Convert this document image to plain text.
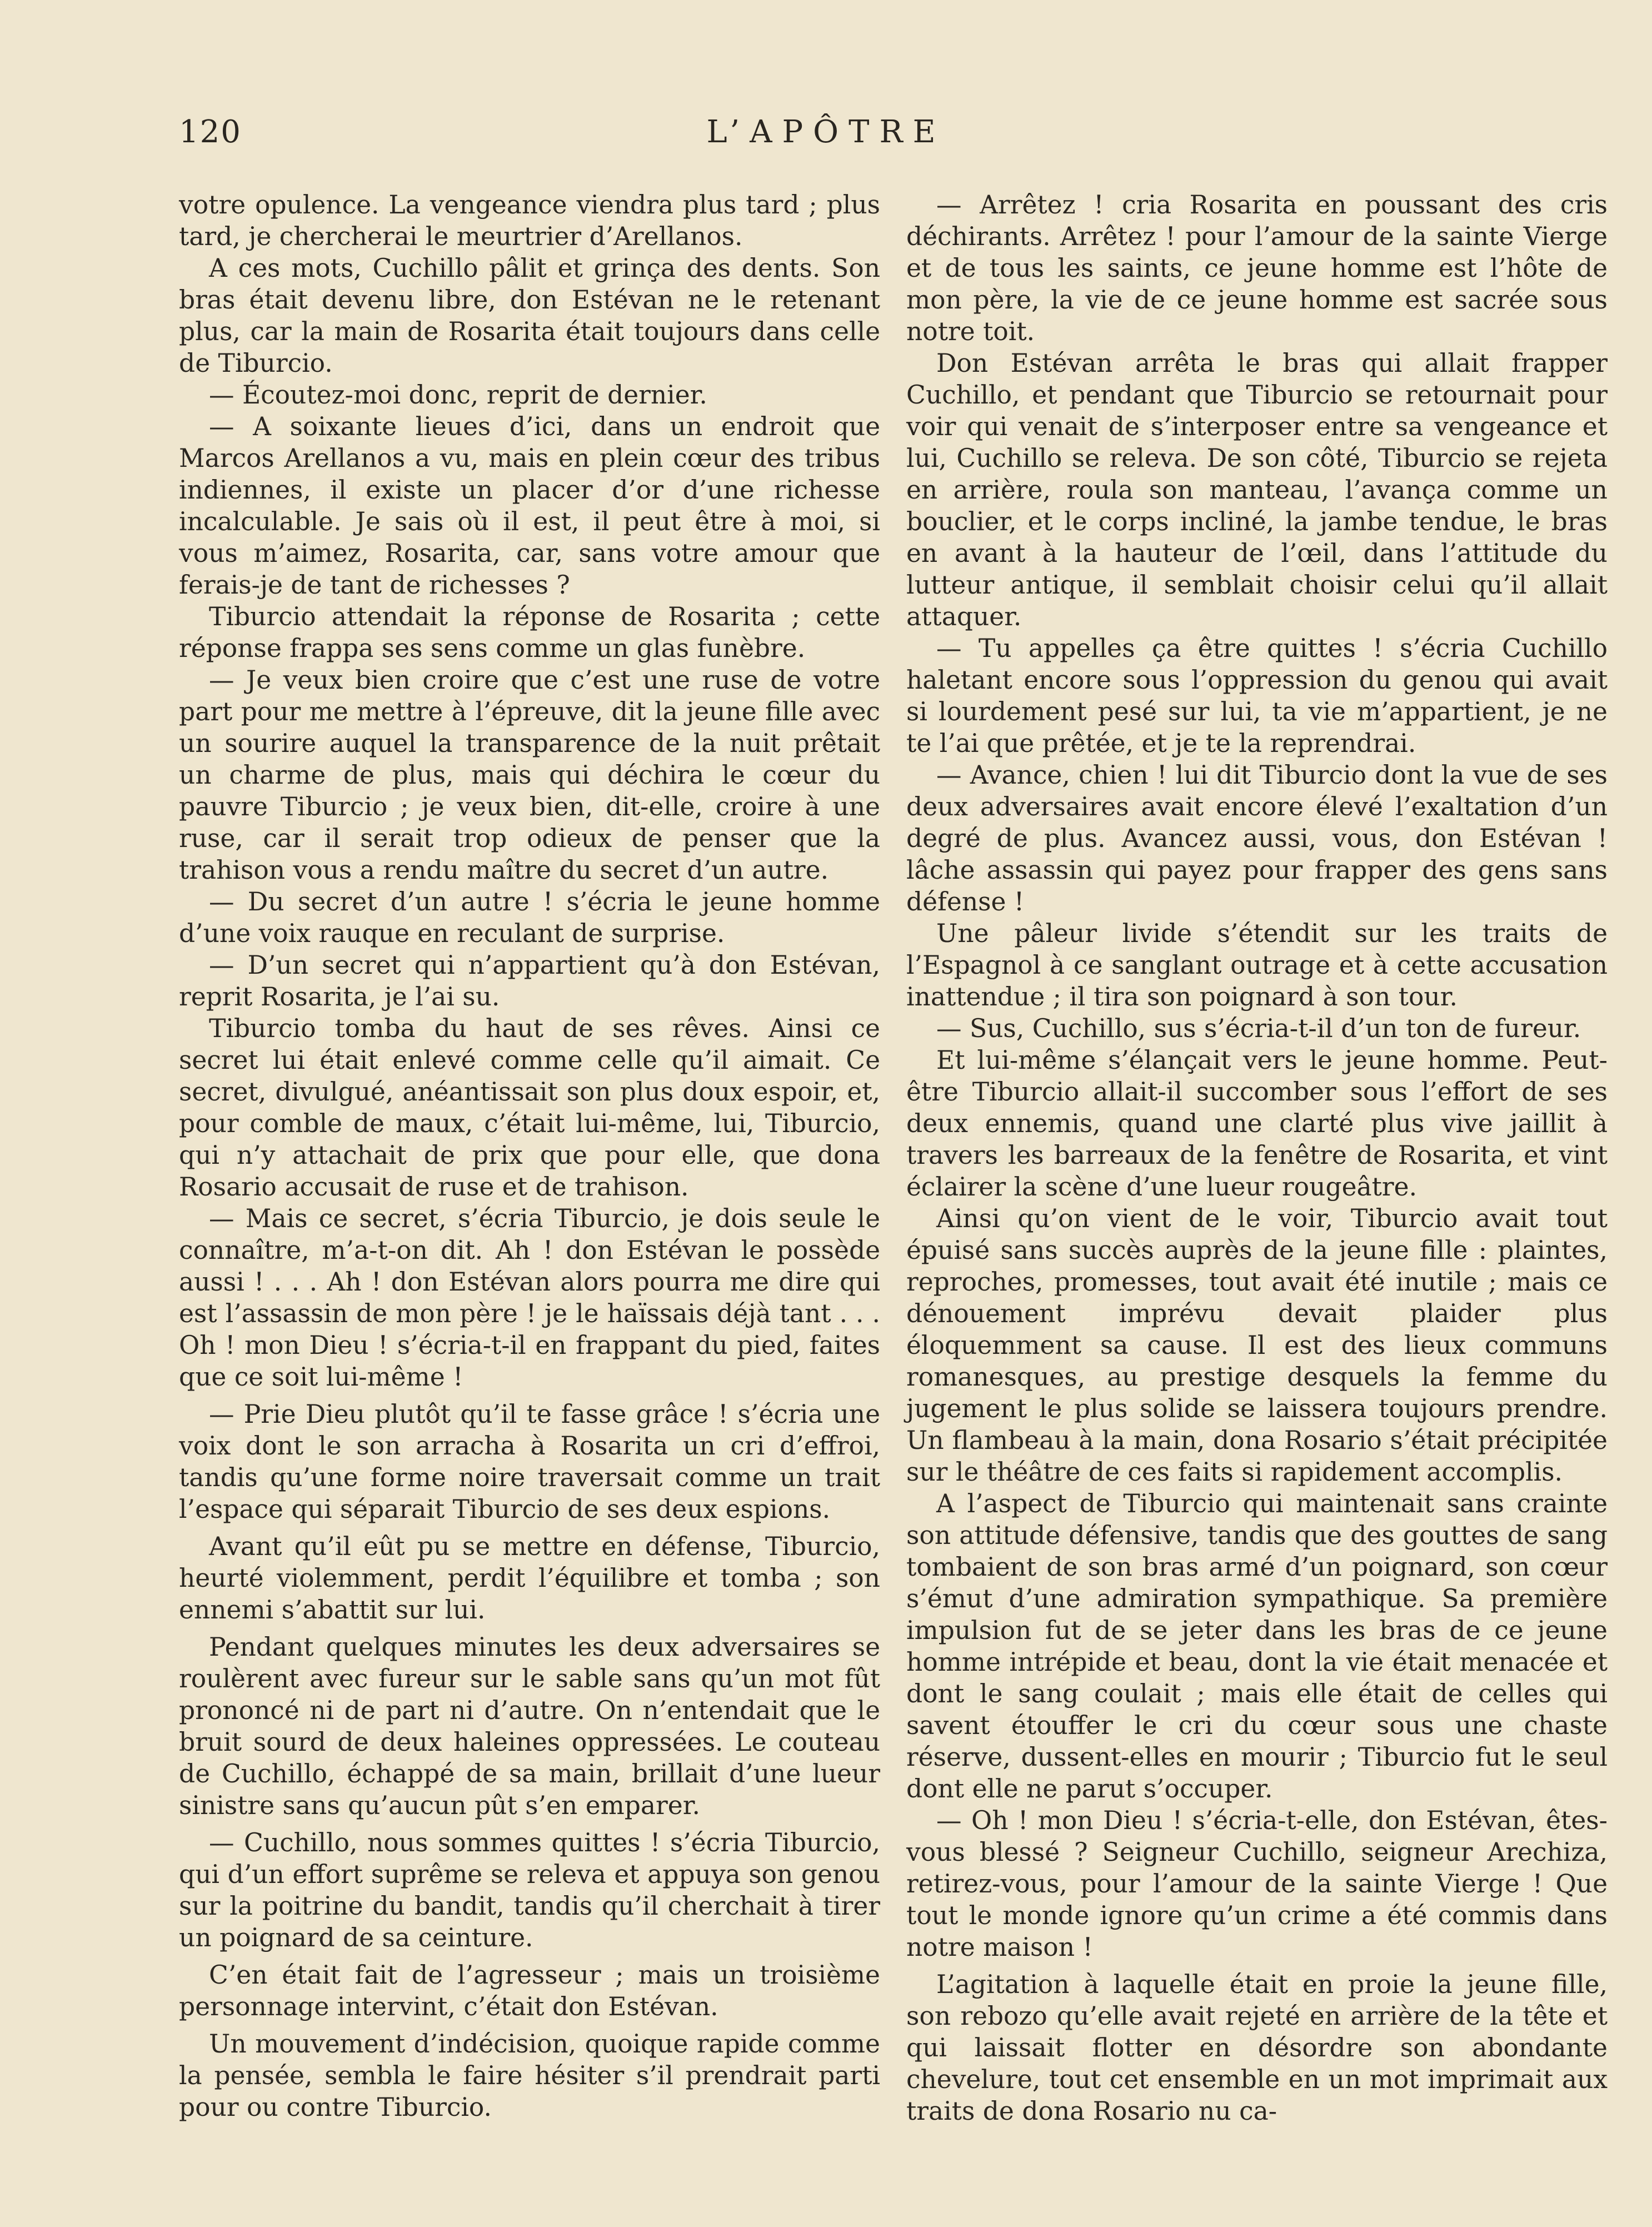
120	L’APÔTRE

votre opulence. La vengeance viendra plus tard ; plus tard, je chercherai le meurtrier d’Arellanos.

A ces mots, Cuchillo pâlit et grinça des dents. Son bras était devenu libre, don Estévan ne le retenant plus, car la main de Rosarita était toujours dans celle de Tiburcio.

— Écoutez-moi donc, reprit de dernier.

— A soixante lieues d’ici, dans un endroit que Marcos Arellanos a vu, mais en plein cœur des tribus indiennes, il existe un placer d’or d’une richesse incalculable. Je sais où il est, il peut être à moi, si vous m’aimez, Rosarita, car, sans votre amour que ferais-je de tant de richesses ?

Tiburcio attendait la réponse de Rosarita ; cette réponse frappa ses sens comme un glas funèbre.

— Je veux bien croire que c’est une ruse de votre part pour me mettre à l’épreuve, dit la jeune fille avec un sourire auquel la transparence de la nuit prêtait un charme de plus, mais qui déchira le cœur du pauvre Tiburcio ; je veux bien, dit-elle, croire à une ruse, car il serait trop odieux de penser que la trahison vous a rendu maître du secret d’un autre.

— Du secret d’un autre ! s’écria le jeune homme d’une voix rauque en reculant de surprise.

— D’un secret qui n’appartient qu’à don Estévan, reprit Rosarita, je l’ai su.

Tiburcio tomba du haut de ses rêves. Ainsi ce secret lui était enlevé comme celle qu’il aimait. Ce secret, divulgué, anéantissait son plus doux espoir, et, pour comble de maux, c’était lui-même, lui, Tiburcio, qui n’y attachait de prix que pour elle, que dona Rosario accusait de ruse et de trahison.

— Mais ce secret, s’écria Tiburcio, je dois seule le connaître, m’a-t-on dit. Ah ! don Estévan le possède aussi ! . . . Ah ! don Estévan alors pourra me dire qui est l’assassin de mon père ! je le haïssais déjà tant . . . Oh ! mon Dieu ! s’écria-t-il en frappant du pied, faites que ce soit lui-même !

— Prie Dieu plutôt qu’il te fasse grâce ! s’écria une voix dont le son arracha à Rosarita un cri d’effroi, tandis qu’une forme noire traversait comme un trait l’espace qui séparait Tiburcio de ses deux espions.

Avant qu’il eût pu se mettre en défense, Tiburcio, heurté violemment, perdit l’équilibre et tomba ; son ennemi s’abattit sur lui.

Pendant quelques minutes les deux adversaires se roulèrent avec fureur sur le sable sans qu’un mot fût prononcé ni de part ni d’autre. On n’entendait que le bruit sourd de deux haleines oppressées. Le couteau de Cuchillo, échappé de sa main, brillait d’une lueur sinistre sans qu’aucun pût s’en emparer.

— Cuchillo, nous sommes quittes ! s’écria Tiburcio, qui d’un effort suprême se releva et appuya son genou sur la poitrine du bandit, tandis qu’il cherchait à tirer un poignard de sa ceinture.

C’en était fait de l’agresseur ; mais un troisième personnage intervint, c’était don Estévan.

Un mouvement d’indécision, quoique rapide comme la pensée, sembla le faire hésiter s’il prendrait parti pour ou contre Tiburcio.

— Arrêtez ! cria Rosarita en poussant des cris déchirants. Arrêtez ! pour l’amour de la sainte Vierge et de tous les saints, ce jeune homme est l’hôte de mon père, la vie de ce jeune homme est sacrée sous notre toit.

Don Estévan arrêta le bras qui allait frapper Cuchillo, et pendant que Tiburcio se retournait pour voir qui venait de s’interposer entre sa vengeance et lui, Cuchillo se releva. De son côté, Tiburcio se rejeta en arrière, roula son manteau, l’avança comme un bouclier, et le corps incliné, la jambe tendue, le bras en avant à la hauteur de l’œil, dans l’attitude du lutteur antique, il semblait choisir celui qu’il allait attaquer.

— Tu appelles ça être quittes ! s’écria Cuchillo haletant encore sous l’oppression du genou qui avait si lourdement pesé sur lui, ta vie m’appartient, je ne te l’ai que prêtée, et je te la reprendrai.

— Avance, chien ! lui dit Tiburcio dont la vue de ses deux adversaires avait encore élevé l’exaltation d’un degré de plus. Avancez aussi, vous, don Estévan ! lâche assassin qui payez pour frapper des gens sans défense !

Une pâleur livide s’étendit sur les traits de l’Espagnol à ce sanglant outrage et à cette accusation inattendue ; il tira son poignard à son tour.

— Sus, Cuchillo, sus s’écria-t-il d’un ton de fureur.

Et lui-même s’élançait vers le jeune homme. Peut-être Tiburcio allait-il succomber sous l’effort de ses deux ennemis, quand une clarté plus vive jaillit à travers les barreaux de la fenêtre de Rosarita, et vint éclairer la scène d’une lueur rougeâtre.

Ainsi qu’on vient de le voir, Tiburcio avait tout épuisé sans succès auprès de la jeune fille : plaintes, reproches, promesses, tout avait été inutile ; mais ce dénouement imprévu devait plaider plus éloquemment sa cause. Il est des lieux communs romanesques, au prestige desquels la femme du jugement le plus solide se laissera toujours prendre. Un flambeau à la main, dona Rosario s’était précipitée sur le théâtre de ces faits si rapidement accomplis.

A l’aspect de Tiburcio qui maintenait sans crainte son attitude défensive, tandis que des gouttes de sang tombaient de son bras armé d’un poignard, son cœur s’émut d’une admiration sympathique. Sa première impulsion fut de se jeter dans les bras de ce jeune homme intrépide et beau, dont la vie était menacée et dont le sang coulait ; mais elle était de celles qui savent étouffer le cri du cœur sous une chaste réserve, dussent-elles en mourir ; Tiburcio fut le seul dont elle ne parut s’occuper.

— Oh ! mon Dieu ! s’écria-t-elle, don Estévan, êtes-vous blessé ? Seigneur Cuchillo, seigneur Arechiza, retirez-vous, pour l’amour de la sainte Vierge ! Que tout le monde ignore qu’un crime a été commis dans notre maison !

L’agitation à laquelle était en proie la jeune fille, son rebozo qu’elle avait rejeté en arrière de la tête et qui laissait flotter en désordre son abondante chevelure, tout cet ensemble en un mot imprimait aux traits de dona Rosario nu ca-
